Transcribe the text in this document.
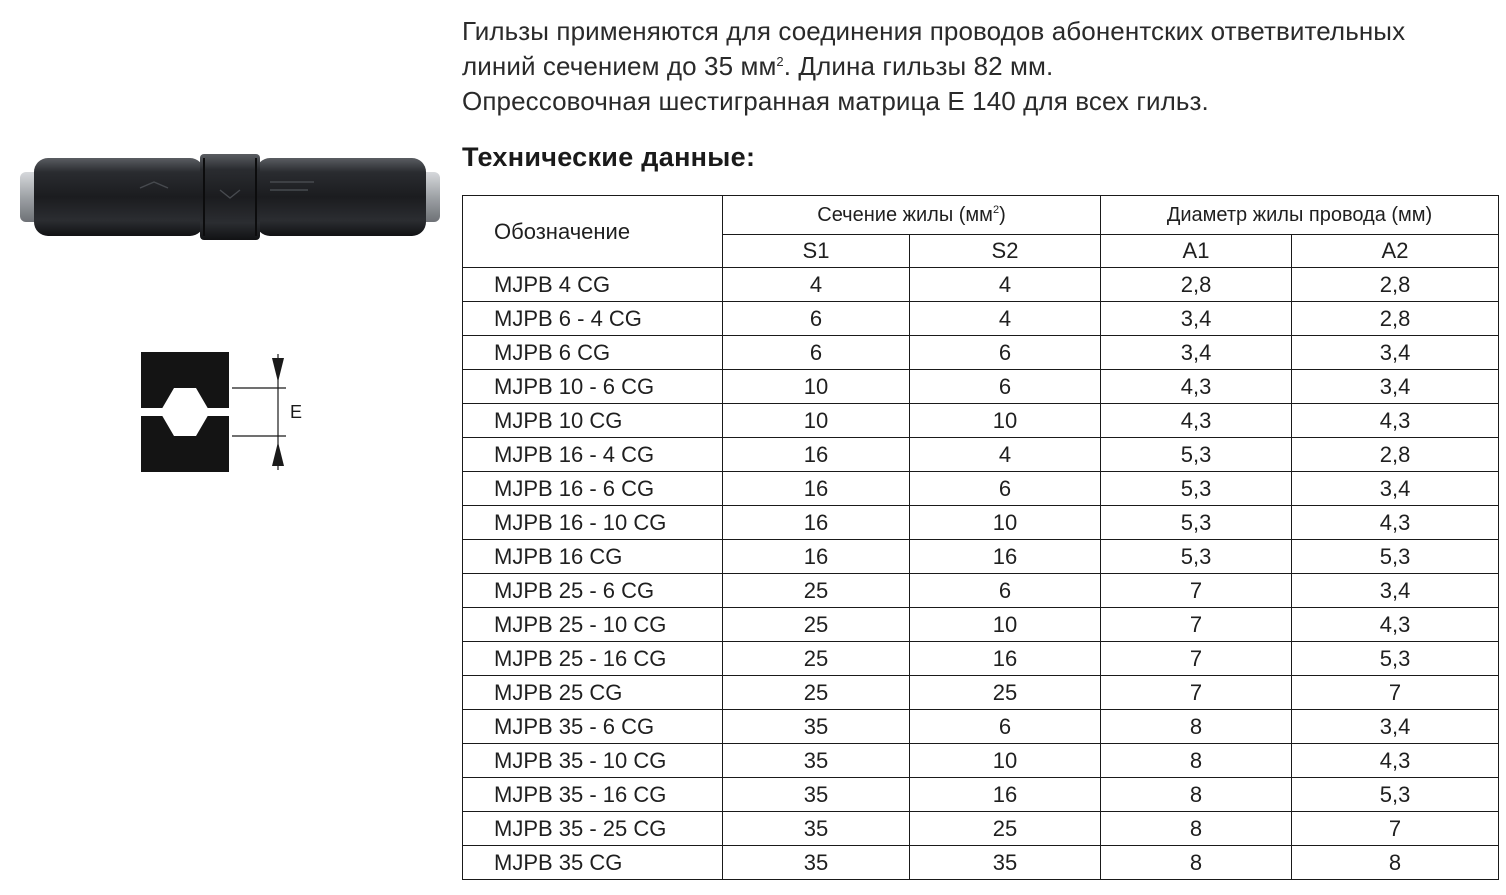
E

Гильзы применяются для соединения проводов абонентских ответвительных

линий сечением до 35 $мм^2$. Длина гильзы 82 мм.

Опрессовочная шестигранная матрица Е 140 для всех гильз.

Технические данные:
Обозначение	Сечение жилы $(мм^2)$		Диаметр жилы провода (мм)	
	S1	S2	A1	A2
MJPB 4 CG	4	4	2,8	2,8
MJPB 6 - 4 CG	6	4	3,4	2,8
MJPB 6 CG	6	6	3,4	3,4
MJPB 10 - 6 CG	10	6	4,3	3,4
MJPB 10 CG	10	10	4,3	4,3
MJPB 16 - 4 CG	16	4	5,3	2,8
MJPB 16 - 6 CG	16	6	5,3	3,4
MJPB 16 - 10 CG	16	10	5,3	4,3
MJPB 16 CG	16	16	5,3	5,3
MJPB 25 - 6 CG	25	6	7	3,4
MJPB 25 - 10 CG	25	10	7	4,3
MJPB 25 - 16 CG	25	16	7	5,3
MJPB 25 CG	25	25	7	7
MJPB 35 - 6 CG	35	6	8	3,4
MJPB 35 - 10 CG	35	10	8	4,3
MJPB 35 - 16 CG	35	16	8	5,3
MJPB 35 - 25 CG	35	25	8	7
MJPB 35 CG	35	35	8	8
